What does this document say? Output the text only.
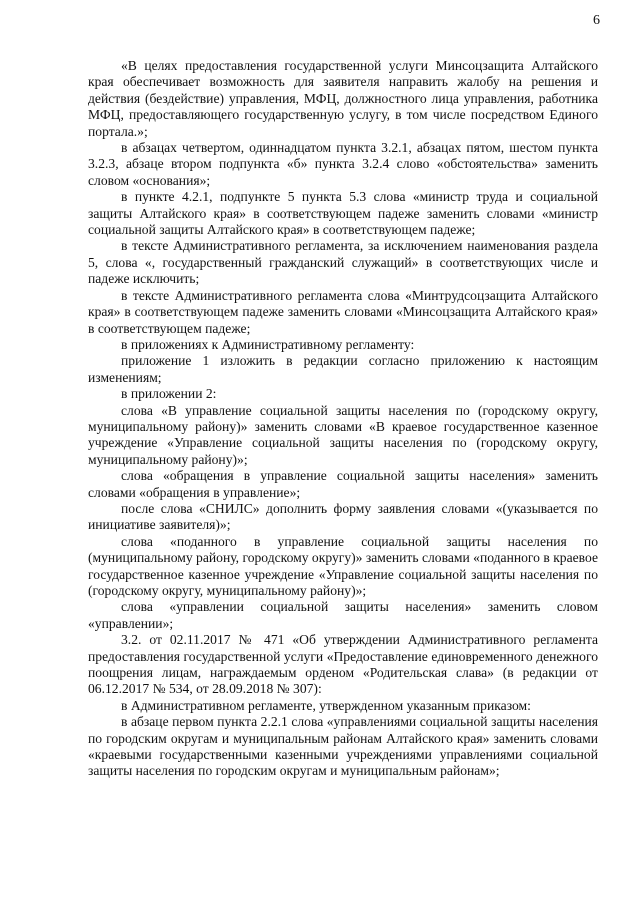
6

«В целях предоставления государственной услуги Минсоцзащита Алтайского края обеспечивает возможность для заявителя направить жалобу на решения и действия (бездействие) управления, МФЦ, должностного лица управления, работника МФЦ, предоставляющего государственную услугу, в том числе посредством Единого портала.»;

в абзацах четвертом, одиннадцатом пункта 3.2.1, абзацах пятом, шестом пункта 3.2.3, абзаце втором подпункта «б» пункта 3.2.4 слово «обстоятельства» заменить словом «основания»;

в пункте 4.2.1, подпункте 5 пункта 5.3 слова «министр труда и социальной защиты Алтайского края» в соответствующем падеже заменить словами «министр социальной защиты Алтайского края» в соответствующем падеже;

в тексте Административного регламента, за исключением наименования раздела 5, слова «, государственный гражданский служащий» в соответствующих числе и падеже исключить;

в тексте Административного регламента слова «Минтрудсоцзащита Алтайского края» в соответствующем падеже заменить словами «Минсоцзащита Алтайского края» в соответствующем падеже;

в приложениях к Административному регламенту:

приложение 1 изложить в редакции согласно приложению к настоящим изменениям;

в приложении 2:

слова «В управление социальной защиты населения по (городскому округу, муниципальному району)» заменить словами «В краевое государственное казенное учреждение «Управление социальной защиты населения по (городскому округу, муниципальному району)»;

слова «обращения в управление социальной защиты населения» заменить словами «обращения в управление»;

после слова «СНИЛС» дополнить форму заявления словами «(указывается по инициативе заявителя)»;

слова «поданного в управление социальной защиты населения по (муниципальному району, городскому округу)» заменить словами «поданного в краевое государственное казенное учреждение «Управление социальной защиты населения по (городскому округу, муниципальному району)»;

слова «управлении социальной защиты населения» заменить словом «управлении»;

3.2. от 02.11.2017 № 471 «Об утверждении Административного регламента предоставления государственной услуги «Предоставление единовременного денежного поощрения лицам, награждаемым орденом «Родительская слава» (в редакции от 06.12.2017 № 534, от 28.09.2018 № 307):

в Административном регламенте, утвержденном указанным приказом:

в абзаце первом пункта 2.2.1 слова «управлениями социальной защиты населения по городским округам и муниципальным районам Алтайского края» заменить словами «краевыми государственными казенными учреждениями управлениями социальной защиты населения по городским округам и муниципальным районам»;
